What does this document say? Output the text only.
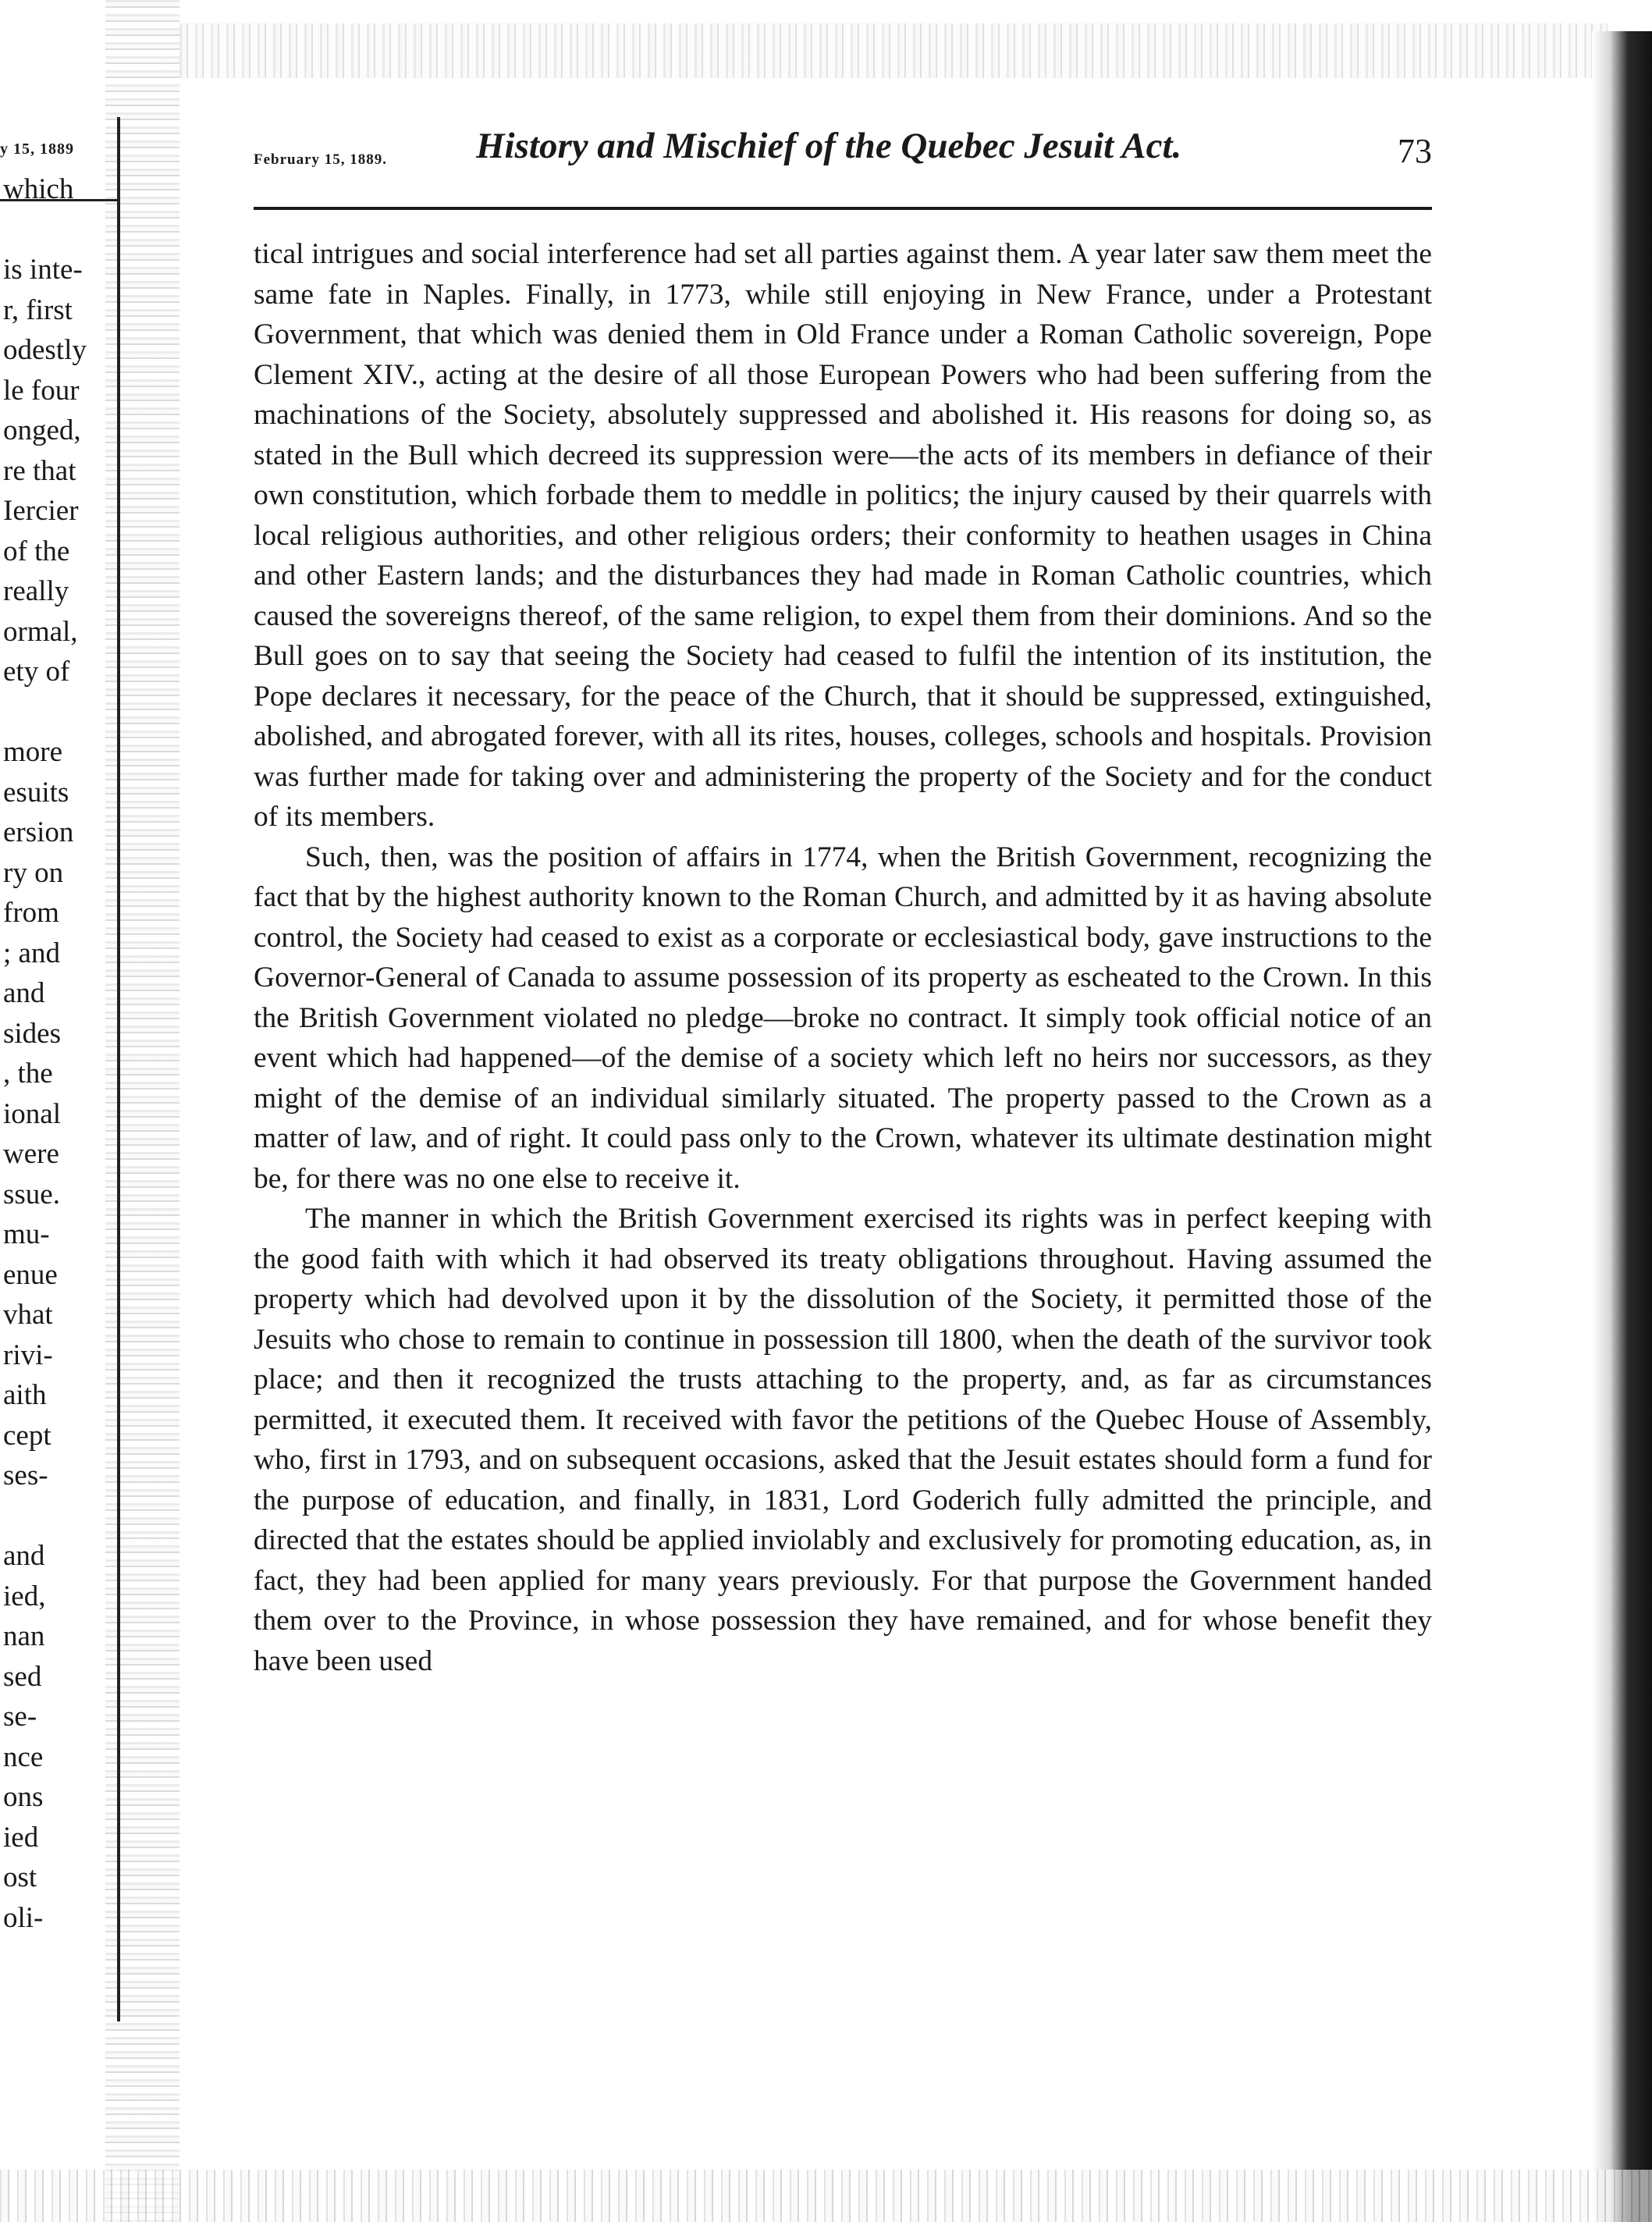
y 15, 1889
which
is inte-
r, first
odestly
le four
onged,
re that
Iercier
of the
really
ormal,
ety of
more
esuits
ersion
ry on
from
; and
and
sides
, the
ional
were
ssue.
mu-
enue
vhat
rivi-
aith
cept
ses-
and
ied,
nan
sed
se-
nce
ons
ied
ost
oli-
February 15, 1889. History and Mischief of the Quebec Jesuit Act.	73

tical intrigues and social interference had set all parties against them. A year later saw them meet the same fate in Naples. Finally, in 1773, while still enjoying in New France, under a Protestant Government, that which was denied them in Old France under a Roman Catholic sovereign, Pope Clement XIV., acting at the desire of all those European Powers who had been suffering from the machinations of the Society, absolutely suppressed and abolished it. His reasons for doing so, as stated in the Bull which decreed its suppression were—the acts of its members in defiance of their own constitution, which forbade them to meddle in politics; the injury caused by their quarrels with local religious authorities, and other religious orders; their conformity to heathen usages in China and other Eastern lands; and the disturbances they had made in Roman Catholic countries, which caused the sovereigns thereof, of the same religion, to expel them from their dominions. And so the Bull goes on to say that seeing the Society had ceased to fulfil the intention of its institution, the Pope declares it necessary, for the peace of the Church, that it should be suppressed, extinguished, abolished, and abrogated forever, with all its rites, houses, colleges, schools and hospitals. Provision was further made for taking over and administering the property of the Society and for the conduct of its members.

Such, then, was the position of affairs in 1774, when the British Government, recognizing the fact that by the highest authority known to the Roman Church, and admitted by it as having absolute control, the Society had ceased to exist as a corporate or ecclesiastical body, gave instructions to the Governor-General of Canada to assume possession of its property as escheated to the Crown. In this the British Government violated no pledge—broke no contract. It simply took official notice of an event which had happened—of the demise of a society which left no heirs nor successors, as they might of the demise of an individual similarly situated. The property passed to the Crown as a matter of law, and of right. It could pass only to the Crown, whatever its ultimate destination might be, for there was no one else to receive it.

The manner in which the British Government exercised its rights was in perfect keeping with the good faith with which it had observed its treaty obligations throughout. Having assumed the property which had devolved upon it by the dissolution of the Society, it permitted those of the Jesuits who chose to remain to continue in possession till 1800, when the death of the survivor took place; and then it recognized the trusts attaching to the property, and, as far as circumstances permitted, it executed them. It received with favor the petitions of the Quebec House of Assembly, who, first in 1793, and on subsequent occasions, asked that the Jesuit estates should form a fund for the purpose of education, and finally, in 1831, Lord Goderich fully admitted the principle, and directed that the estates should be applied inviolably and exclusively for promoting education, as, in fact, they had been applied for many years previously. For that purpose the Government handed them over to the Province, in whose possession they have remained, and for whose benefit they have been used
